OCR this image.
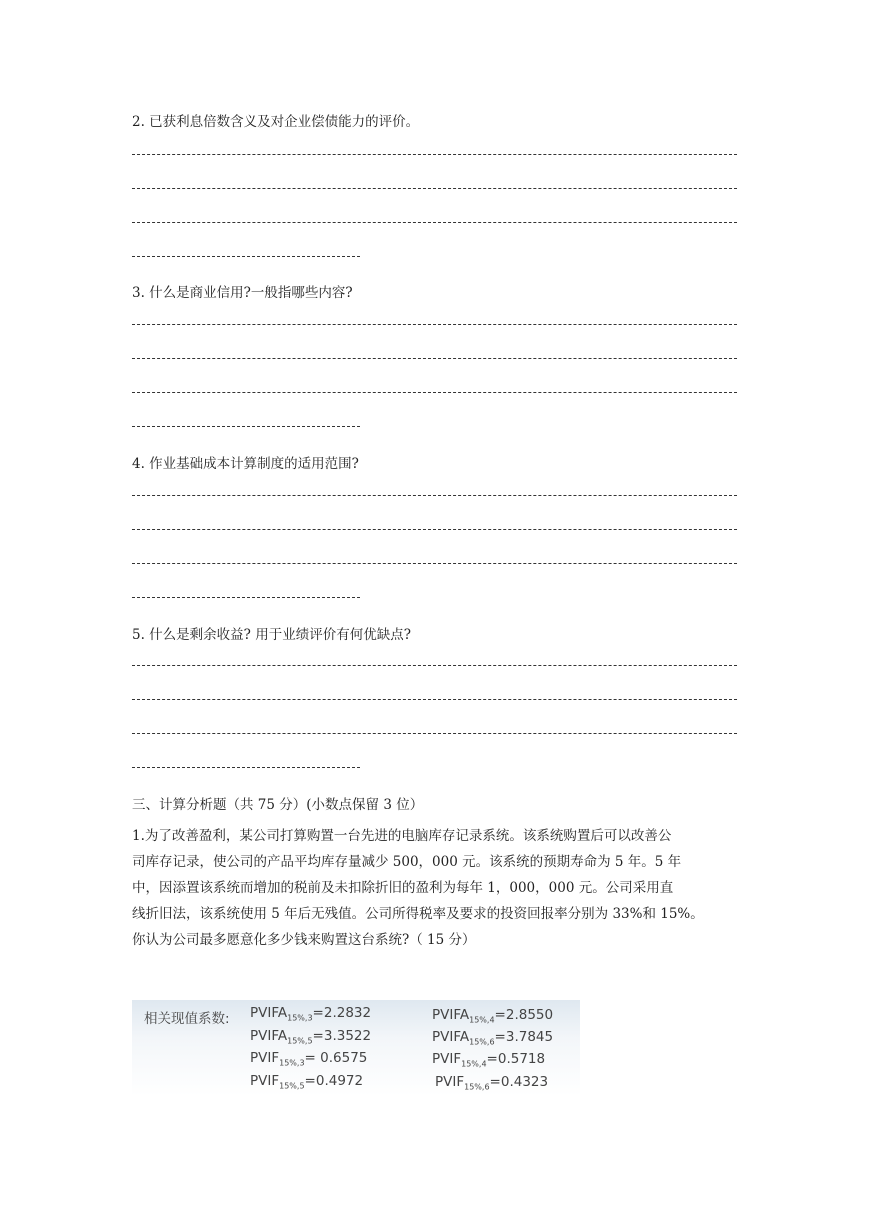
2. 已获利息倍数含义及对企业偿债能力的评价。
3. 什么是商业信用?一般指哪些内容?
4. 作业基础成本计算制度的适用范围?
5. 什么是剩余收益? 用于业绩评价有何优缺点?
三、计算分析题（共 75 分）(小数点保留 3 位）
1.为了改善盈利，某公司打算购置一台先进的电脑库存记录系统。该系统购置后可以改善公
司库存记录，使公司的产品平均库存量减少 500，000 元。该系统的预期寿命为 5 年。5 年
中，因添置该系统而增加的税前及未扣除折旧的盈利为每年 1，000，000 元。公司采用直
线折旧法，该系统使用 5 年后无残值。公司所得税率及要求的投资回报率分别为 33%和 15%。
你认为公司最多愿意化多少钱来购置这台系统?（ 15 分）
相关现值系数: $PVIFA_{15\%,3}=2.2832$
$PVIFA_{15\%,5}=3.3522$
$PVIF_{15\%,3}= 0.6575$
$PVIF_{15\%,5}=0.4972$
$PVIFA_{15\%,4}=2.8550$
$PVIFA_{15\%,6}=3.7845$
$PVIF_{15\%,4}=0.5718$
$PVIF_{15\%,6}=0.4323$
